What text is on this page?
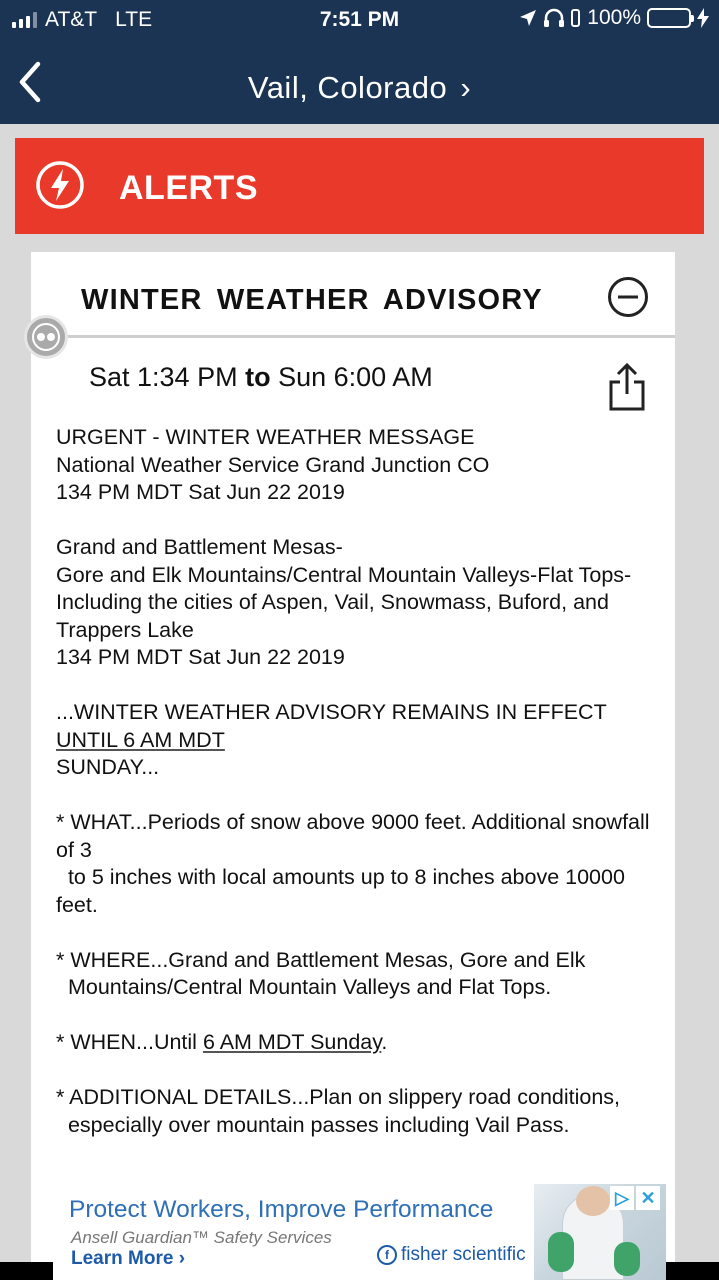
AT&T LTE	7:51 PM	100%
Vail, Colorado ›
ALERTS
WINTER WEATHER ADVISORY
Sat 1:34 PM to Sun 6:00 AM
URGENT - WINTER WEATHER MESSAGE
National Weather Service Grand Junction CO
134 PM MDT Sat Jun 22 2019

Grand and Battlement Mesas-
Gore and Elk Mountains/Central Mountain Valleys-Flat Tops-
Including the cities of Aspen, Vail, Snowmass, Buford, and Trappers Lake
134 PM MDT Sat Jun 22 2019

...WINTER WEATHER ADVISORY REMAINS IN EFFECT
UNTIL 6 AM MDT
SUNDAY...

* WHAT...Periods of snow above 9000 feet. Additional snowfall of 3
to 5 inches with local amounts up to 8 inches above 10000 feet.

* WHERE...Grand and Battlement Mesas, Gore and Elk
Mountains/Central Mountain Valleys and Flat Tops.

* WHEN...Until 6 AM MDT Sunday.

* ADDITIONAL DETAILS...Plan on slippery road conditions,
especially over mountain passes including Vail Pass.
Protect Workers, Improve Performance
Ansell Guardian™ Safety Services
Learn More ›	f fisher scientific
▷ ✕
